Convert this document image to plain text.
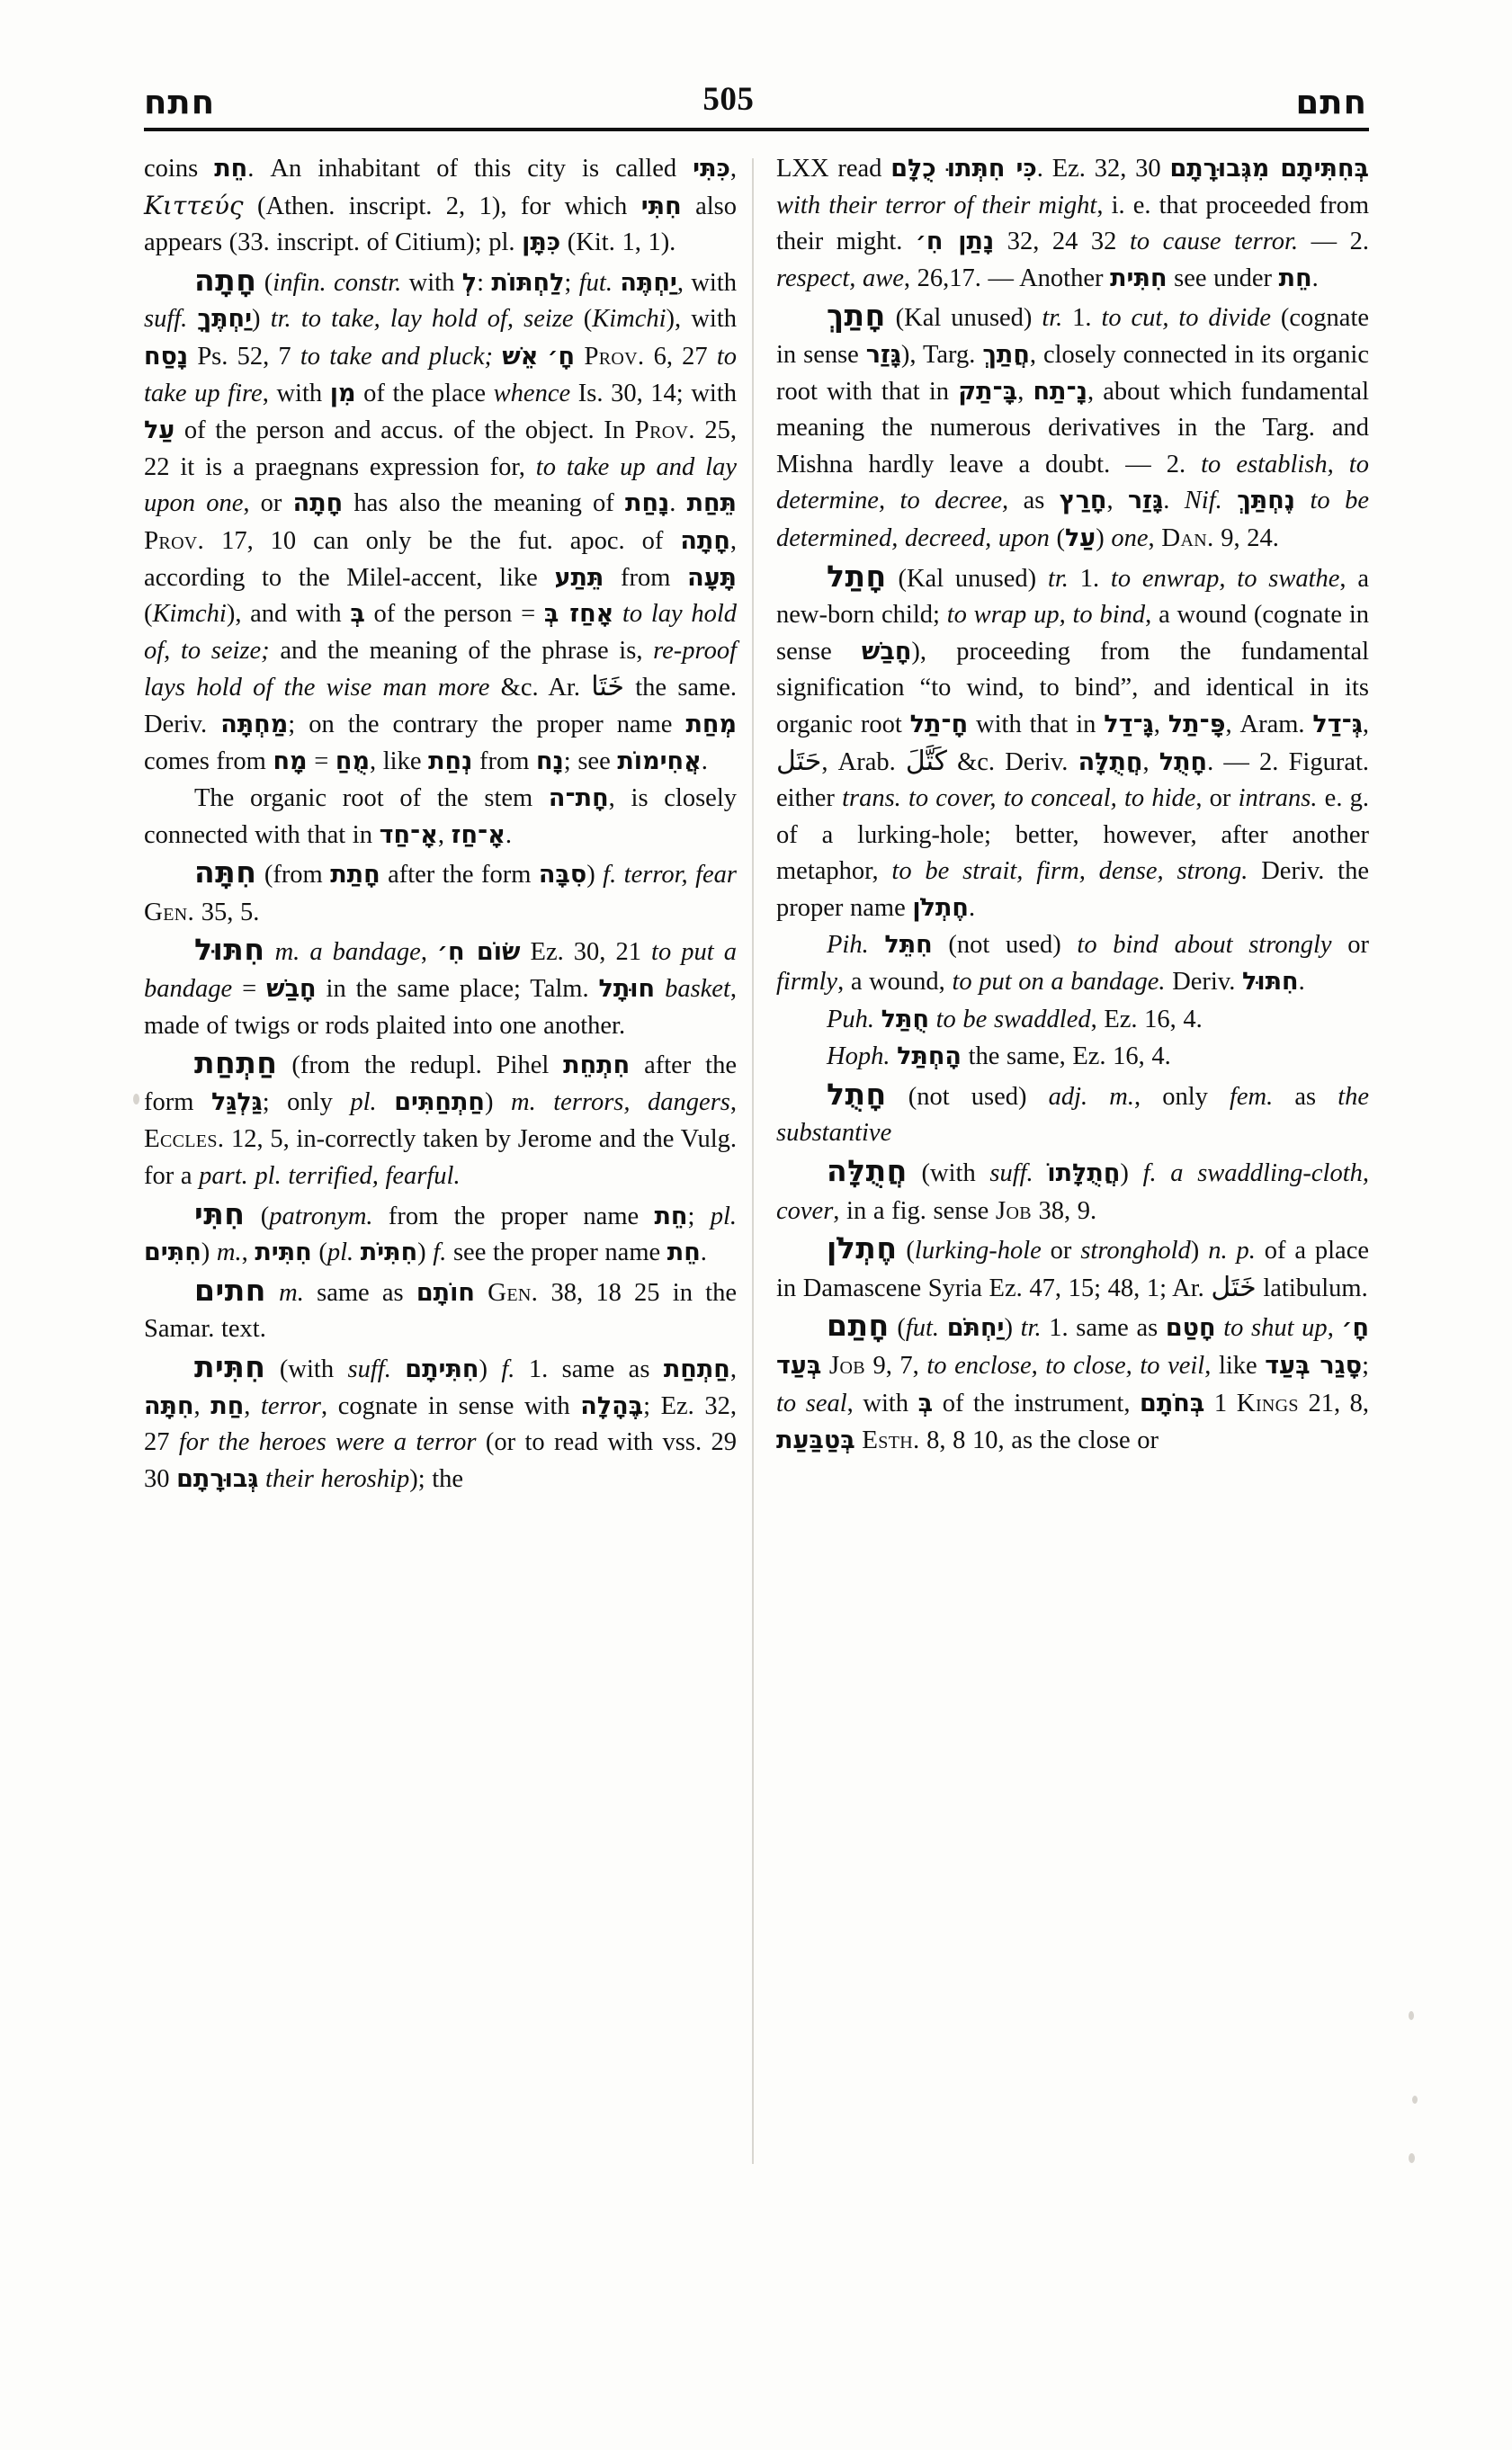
חתח	505	חתם

coins חֵת. An inhabitant of this city is called כִּתִּי, Κιττεύς (Athen. inscript. 2, 1), for which חִתִּי also appears (33. inscript. of Citium); pl. כִּתָּן (Kit. 1, 1).

חָתָה (infin. constr. with לְ: לַחְתּוֹת; fut. יַחְתֶּה, with suff. יַחְתֶּךָ) tr. to take, lay hold of, seize (Kimchi), with נָסַח Ps. 52, 7 to take and pluck; אֵשׁ חָ׳ Prov. 6, 27 to take up fire, with מִן of the place whence Is. 30, 14; with עַל of the person and accus. of the object. In Prov. 25, 22 it is a praegnans expression for, to take up and lay upon one, or חָתָה has also the meaning of נָחַת. תֵּחַת Prov. 17, 10 can only be the fut. apoc. of חָתָה, according to the Milel-accent, like תֵּתַע from תָּעָה (Kimchi), and with בְּ of the person = אָחַז בְּ to lay hold of, to seize; and the meaning of the phrase is, re-proof lays hold of the wise man more &c. Ar. خَتَا the same. Deriv. מַחְתָּה; on the contrary the proper name מְחַת comes from מָח = מֻחַ, like נְחַת from נָח; see אֲחִימוֹת.

The organic root of the stem חָת־ה, is closely connected with that in אָ־חַד, אָ־חַז.

חִתָּה (from חָתַת after the form סִבָּה) f. terror, fear Gen. 35, 5.

חִתּוּל m. a bandage, שׂוֹם חִ׳ Ez. 30, 21 to put a bandage = חָבַשׁ in the same place; Talm. חוּתָל basket, made of twigs or rods plaited into one another.

חַתְחַת (from the redupl. Pihel חִתְחֵת after the form גַּלְגַּל; only pl. חַתְחַתִּים) m. terrors, dangers, Eccles. 12, 5, in-correctly taken by Jerome and the Vulg. for a part. pl. terrified, fearful.

חִתִּי (patronym. from the proper name חֵת; pl. חִתִּים) m., חִתִּית (pl. חִתִּיֹת) f. see the proper name חֵת.

חתים m. same as חוֹתָם Gen. 38, 18 25 in the Samar. text.

חִתִּית (with suff. חִתִּיתָם) f. 1. same as חַתְחַת, חִתָּה, חַת, terror, cognate in sense with בֶּהָלָה; Ez. 32, 27 for the heroes were a terror (or to read with vss. 29 30 גְּבוּרָתָם their heroship); the

LXX read כִּי חִתְּתוּ כֻלָּם. Ez. 32, 30 בְּחִתִּיתָם מִגְּבוּרָתָם with their terror of their might, i. e. that proceeded from their might. נָתַן חִ׳ 32, 24 32 to cause terror. — 2. respect, awe, 26,17. — Another חִתִּית see under חֵת.

חָתַךְ (Kal unused) tr. 1. to cut, to divide (cognate in sense גָּזַר), Targ. חֲתַךְ, closely connected in its organic root with that in בָּ־תַק, נָ־תַח, about which fundamental meaning the numerous derivatives in the Targ. and Mishna hardly leave a doubt. — 2. to establish, to determine, to decree, as חָרַץ, גָּזַר. Nif. נֶחְתַּךְ to be determined, decreed, upon (עַל) one, Dan. 9, 24.

חָתַל (Kal unused) tr. 1. to enwrap, to swathe, a new-born child; to wrap up, to bind, a wound (cognate in sense חָבַשׁ), proceeding from the fundamental signification “to wind, to bind”, and identical in its organic root חָ־תַל with that in גָּ־דַל, פָּ־תַל, Aram. גְּ־דַל, حَتَل, Arab. كَتَّلَ &c. Deriv. חֲתֻלָּה, חָתֻל. — 2. Figurat. either trans. to cover, to conceal, to hide, or intrans. e. g. of a lurking-hole; better, however, after another metaphor, to be strait, firm, dense, strong. Deriv. the proper name חֶתְלֹן.

Pih. חִתֵּל (not used) to bind about strongly or firmly, a wound, to put on a bandage. Deriv. חִתּוּל.

Puh. חֻתַּל to be swaddled, Ez. 16, 4.

Hoph. הָחְתַּל the same, Ez. 16, 4.

חָתֻל (not used) adj. m., only fem. as the substantive

חֲתֻלָּה (with suff. חֲתֻלָּתוֹ) f. a swaddling-cloth, cover, in a fig. sense Job 38, 9.

חֶתְלֹן (lurking-hole or stronghold) n. p. of a place in Damascene Syria Ez. 47, 15; 48, 1; Ar. خَتَل latibulum.

חָתַם (fut. יַחְתֹּם) tr. 1. same as חָטַם to shut up, חָ׳ בְּעַד Job 9, 7, to enclose, to close, to veil, like סָגַר בְּעַד; to seal, with בְּ of the instrument, בְּחֹתָם 1 Kings 21, 8, בְּטַבַּעַת Esth. 8, 8 10, as the close or
